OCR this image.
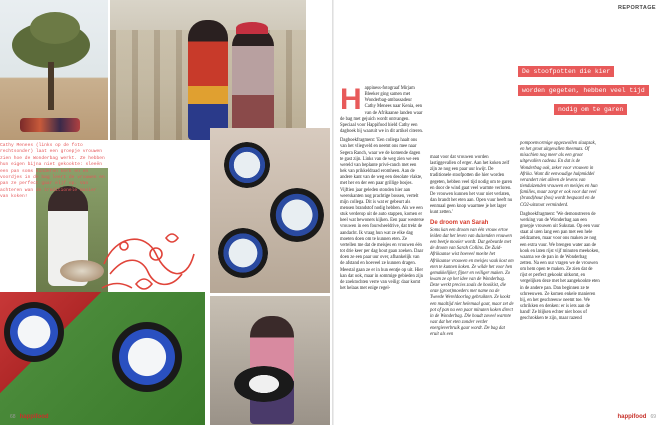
Cathy Menees (links op de foto rechtsonder) laat een groepje vrouwen zien hoe de Wonderbag werkt. Ze hebben hun eigen bijna niet gekookte: sleeën een pan soms kinderen kerk en en voordjes in de bag leert de vrouwen en pan ze perfect gaar eljf op. Van achteren wan de traditionele manier van koken!
68 happifood
REPORTAGE
De stoofpotten die kier
worden gegeten, hebben veel tijd
nodig om te garen

Happiness-fotograaf Mirjam Bleeker ging samen met Wonderbag-ambassadeur Cathy Menees naar Kenia, een van de Afrikaanse landen waar de bag met gejuich wordt ontvangen. Speciaal voor Happifood hield Cathy een dagboek bij waaruit we in dit artikel citeren.

Dagboekfragment: 'Een collega haalt ons van het vliegveld en neemt ons mee naar Segera Ranch, waar we de komende dagen te gast zijn. Links van de weg zien we een wereld van beplante privé-ranch met een hek van prikkeldraad eromheen. Aan de andere kant van de weg een desolate vlakte, met her en der een paar grillige bosjes. Vijftien jaar geleden stonden hier aan weerskanten nog prachtige bossen, vertelt mijn collega. Dit is wat er gebeurt als mensen brandstof nodig hebben. Als we een stuk verderop uit de auto stappen, komen er heel wat bewoners kijken. Een paar westerse vrouwen in een fourwheeldrive, dat trekt de aandacht. Ik vraag hun wat ze elke dag moeten doen om te kunnen eten. Ze vertellen me dat de meisjes en vrouwen één tot drie keer per dag hout gaan zoeken. Daar doen ze een paar uur over, afhankelijk van de afstand en hoeveel ze kunnen dragen. Meestal gaan ze er in hun eentje op uit. Hier kan dat ook, maar in sommige gebieden zijn de zoektochten verre van veilig: daar komt het helaas met enige regel-

maat voor dat vrouwen worden lastiggevallen of erger. Aan het koken zelf zijn ze nog een paar uur kwijt. De traditionele stoofpotten die hier worden gegeten, hebben veel tijd nodig om te garen en door de wind gaat veel warmte verloren. De vrouwen kunnen het vuur niet verlaten, dan brandt het eten aan. Open vuur heeft nu eenmaal geen knop waarmee je het lager kunt zetten.'

De droom van Sarah

Soms kan een droom van één vrouw ertoe leiden dat het leven van duizenden vrouwen een beetje mooier wordt. Dat gebeurde met de droom van Sarah Collins. De Zuid-Afrikaanse wist hoeveel moeite het Afrikaanse vrouwen en meisjes vaak kost om eten te kunnen koken. Ze wilde het voor hen gemakkelijker, fijner en veiliger maken. Zo kwam ze op het idee van de Wonderbag. Deze werkt precies zoals de hooikist, die onze (groot)moeders met name na de Tweede Wereldoorlog gebruikten. Ze kookt een maaltijd niet helemaal gaar, maar zet de pot of pan na een paar minuten koken direct in de Wonderbag. Die houdt zoveel warmte vast dat het eten zonder verder energieverbruik gaar wordt. De bag dat eruit als een

pompoenvormige opgezwollen slaapzak, en het groot uitgevallen theemuts. Of misschien nog meer als een groot uitgevallen cadeau. En dat is de Wonderbag ook, zeker voor vrouwen in Afrika. Want dit eenvoudige hulpmiddel verandert niet alleen de levens van tienduizenden vrouwen en meisjes en hun families, maar zorgt er ook voor dat veel (brand)hout (bos) wordt bespaard en de CO2-uitstoot verminderd.

Dagboekfragment: 'We demonstreren de werking van de Wonderbag aan een groepje vrouwen uit Sukutan. Op een vuur staat al uren lang een pan met een hele zeldzamen, maar voor ons maken ze nog een extra vuur. We brengen water aan de kook en laten rijst vijf minuten meekoken, waarna we de pan in de Wonderbag zetten. Na een uur vragen we de vrouwen om hem open te maken. Ze zien dat de rijst er perfect gekookt uitkomt, en vergelijken deze met het aangekookte eten in de andere pan. Dan beginnen ze te schreeuwen. Ze komen enkele manieren bij, en het geschreeuw neemt toe. We schrikken en denken: er is iets aan de hand! Ze blijken echter niet boos of geschrokken te zijn, maar razend

happifood 69
